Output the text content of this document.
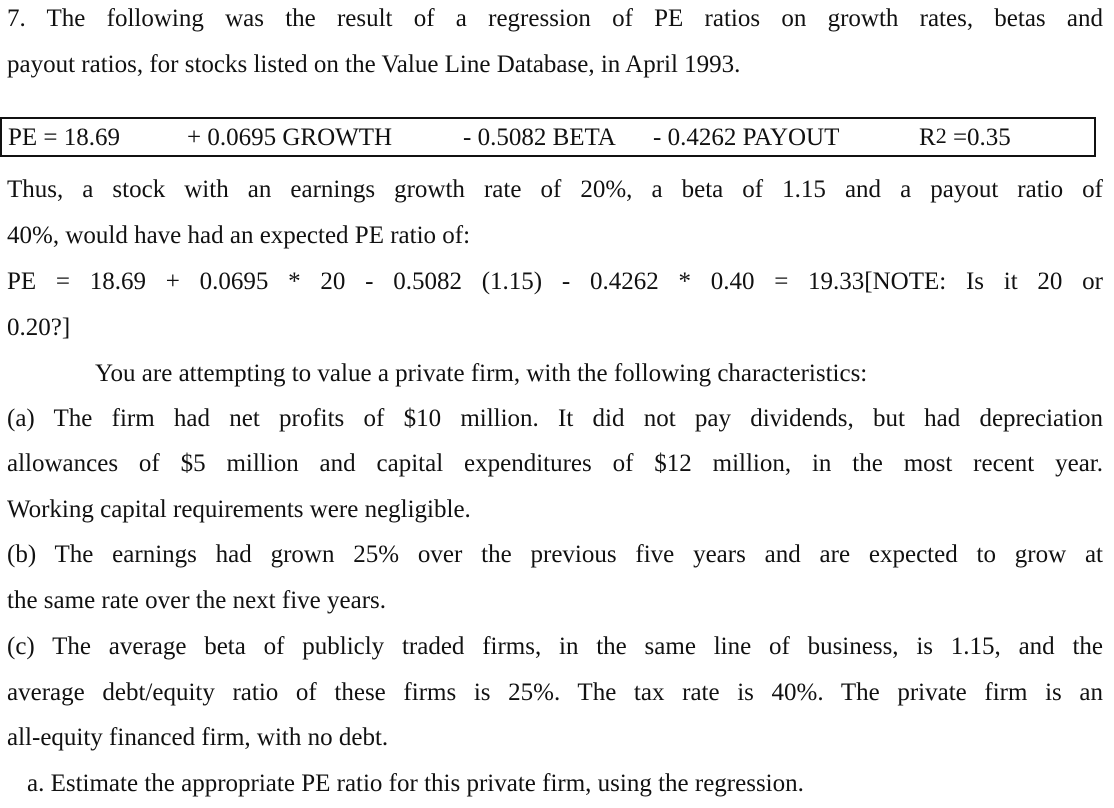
7. The following was the result of a regression of PE ratios on growth rates, betas and
payout ratios, for stocks listed on the Value Line Database, in April 1993.
PE = 18.69	+ 0.0695 GROWTH	- 0.5082 BETA - 0.4262 PAYOUT	$R^2 =0.35$
Thus, a stock with an earnings growth rate of 20%, a beta of 1.15 and a payout ratio of
40%, would have had an expected PE ratio of:
PE = 18.69 + 0.0695 * 20 - 0.5082 (1.15) - 0.4262 * 0.40 = 19.33[NOTE: Is it 20 or
0.20?]
You are attempting to value a private firm, with the following characteristics:
(a) The firm had net profits of $10 million. It did not pay dividends, but had depreciation
allowances of $5 million and capital expenditures of $12 million, in the most recent year.
Working capital requirements were negligible.
(b) The earnings had grown 25% over the previous five years and are expected to grow at
the same rate over the next five years.
(c) The average beta of publicly traded firms, in the same line of business, is 1.15, and the
average debt/equity ratio of these firms is 25%. The tax rate is 40%. The private firm is an
all-equity financed firm, with no debt.
a. Estimate the appropriate PE ratio for this private firm, using the regression.
